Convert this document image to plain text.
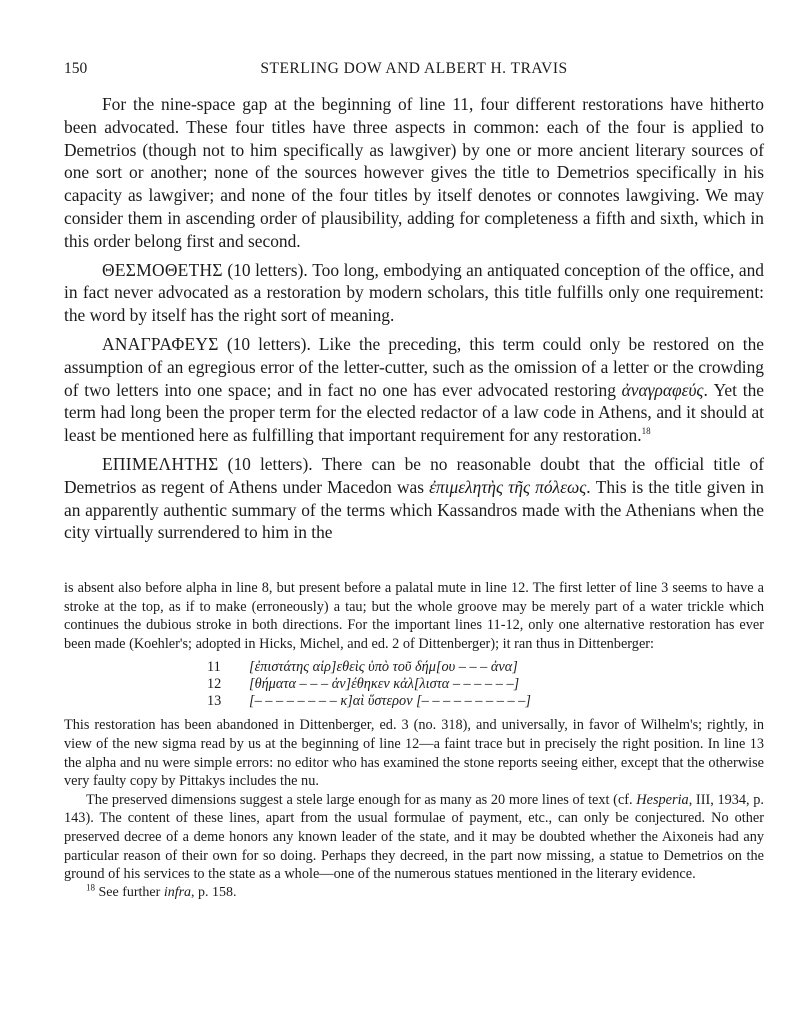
150	STERLING DOW AND ALBERT H. TRAVIS

For the nine-space gap at the beginning of line 11, four different restorations have hitherto been advocated. These four titles have three aspects in common: each of the four is applied to Demetrios (though not to him specifically as lawgiver) by one or more ancient literary sources of one sort or another; none of the sources however gives the title to Demetrios specifically in his capacity as lawgiver; and none of the four titles by itself denotes or connotes lawgiving. We may consider them in ascending order of plausibility, adding for completeness a fifth and sixth, which in this order belong first and second.

ΘΕΣΜΟΘΕΤΗΣ (10 letters). Too long, embodying an antiquated conception of the office, and in fact never advocated as a restoration by modern scholars, this title fulfills only one requirement: the word by itself has the right sort of meaning.

ΑΝΑΓΡΑΦΕΥΣ (10 letters). Like the preceding, this term could only be restored on the assumption of an egregious error of the letter-cutter, such as the omission of a letter or the crowding of two letters into one space; and in fact no one has ever advocated restoring ἀναγραφεύς. Yet the term had long been the proper term for the elected redactor of a law code in Athens, and it should at least be mentioned here as fulfilling that important requirement for any restoration.$^{18}$

ΕΠΙΜΕΛΗΤΗΣ (10 letters). There can be no reasonable doubt that the official title of Demetrios as regent of Athens under Macedon was ἐπιμελητὴς τῆς πόλεως. This is the title given in an apparently authentic summary of the terms which Kassandros made with the Athenians when the city virtually surrendered to him in the

is absent also before alpha in line 8, but present before a palatal mute in line 12. The first letter of line 3 seems to have a stroke at the top, as if to make (erroneously) a tau; but the whole groove may be merely part of a water trickle which continues the dubious stroke in both directions. For the important lines 11-12, only one alternative restoration has ever been made (Koehler's; adopted in Hicks, Michel, and ed. 2 of Dittenberger); it ran thus in Dittenberger:

11	[ἐπιστάτης αἱρ]εθεὶς ὑπὸ τοῦ δήμ[ου – – – ἀνα]
12	[θήματα – – – ἀν]έθηκεν κἀλ[λιστα – – – – – –]
13	[– – – – – – – – κ]αὶ ὕστερον [– – – – – – – – – –]

This restoration has been abandoned in Dittenberger, ed. 3 (no. 318), and universally, in favor of Wilhelm's; rightly, in view of the new sigma read by us at the beginning of line 12—a faint trace but in precisely the right position. In line 13 the alpha and nu were simple errors: no editor who has examined the stone reports seeing either, except that the otherwise very faulty copy by Pittakys includes the nu.

The preserved dimensions suggest a stele large enough for as many as 20 more lines of text (cf. Hesperia, III, 1934, p. 143). The content of these lines, apart from the usual formulae of payment, etc., can only be conjectured. No other preserved decree of a deme honors any known leader of the state, and it may be doubted whether the Aixoneis had any particular reason of their own for so doing. Perhaps they decreed, in the part now missing, a statue to Demetrios on the ground of his services to the state as a whole—one of the numerous statues mentioned in the literary evidence.

$^{18}$ See further infra, p. 158.
